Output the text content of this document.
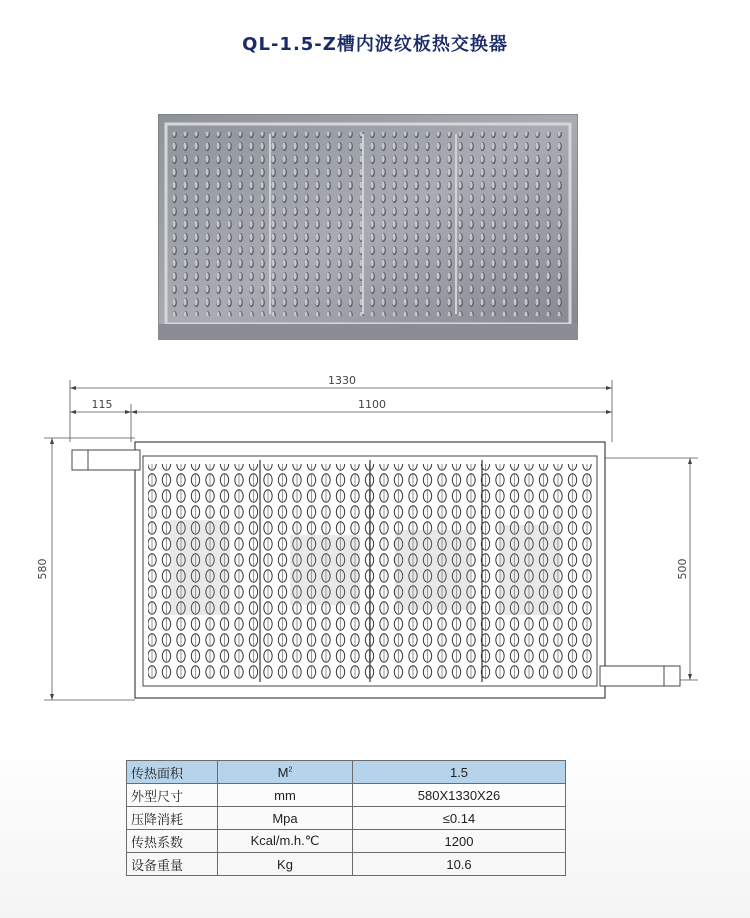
QL-1.5-Z槽内波纹板热交换器
1330
115	1100
580	500
传热面积	$M^2$	1.5
外型尺寸	mm	580X1330X26
压降消耗	Mpa	≤0.14
传热系数	Kcal/m.h.℃	1200
设备重量	Kg	10.6
